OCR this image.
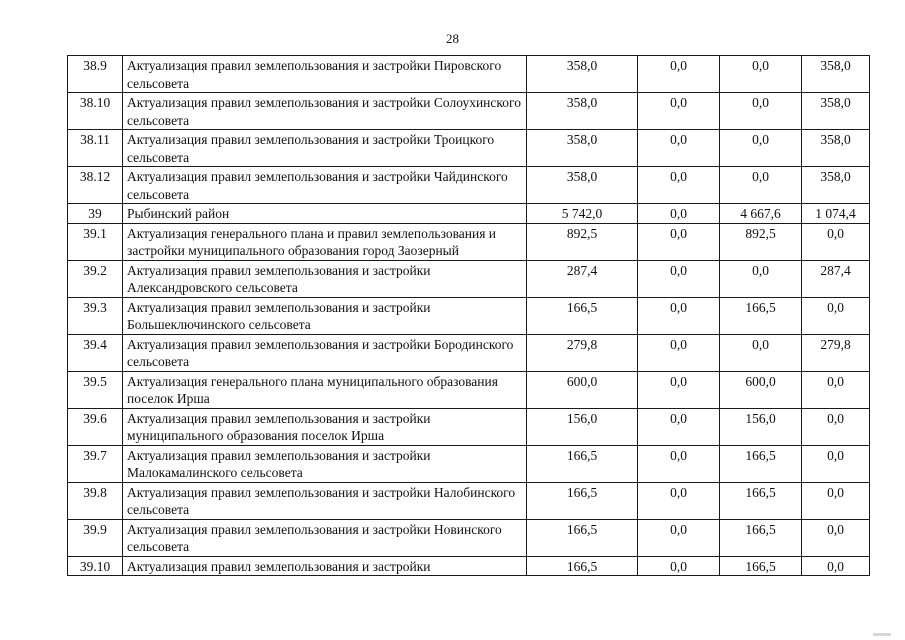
28
38.9	Актуализация правил землепользования и застройки Пировского сельсовета	358,0	0,0	0,0	358,0
38.10	Актуализация правил землепользования и застройки Солоухинского сельсовета	358,0	0,0	0,0	358,0
38.11	Актуализация правил землепользования и застройки Троицкого сельсовета	358,0	0,0	0,0	358,0
38.12	Актуализация правил землепользования и застройки Чайдинского сельсовета	358,0	0,0	0,0	358,0
39	Рыбинский район	5 742,0	0,0	4 667,6	1 074,4
39.1	Актуализация генерального плана и правил землепользования и застройки муниципального образования город Заозерный	892,5	0,0	892,5	0,0
39.2	Актуализация правил землепользования и застройки Александровского сельсовета	287,4	0,0	0,0	287,4
39.3	Актуализация правил землепользования и застройки Большеключинского сельсовета	166,5	0,0	166,5	0,0
39.4	Актуализация правил землепользования и застройки Бородинского сельсовета	279,8	0,0	0,0	279,8
39.5	Актуализация генерального плана муниципального образования поселок Ирша	600,0	0,0	600,0	0,0
39.6	Актуализация правил землепользования и застройки муниципального образования поселок Ирша	156,0	0,0	156,0	0,0
39.7	Актуализация правил землепользования и застройки Малокамалинского сельсовета	166,5	0,0	166,5	0,0
39.8	Актуализация правил землепользования и застройки Налобинского сельсовета	166,5	0,0	166,5	0,0
39.9	Актуализация правил землепользования и застройки Новинского сельсовета	166,5	0,0	166,5	0,0
39.10	Актуализация правил землепользования и застройки	166,5	0,0	166,5	0,0
